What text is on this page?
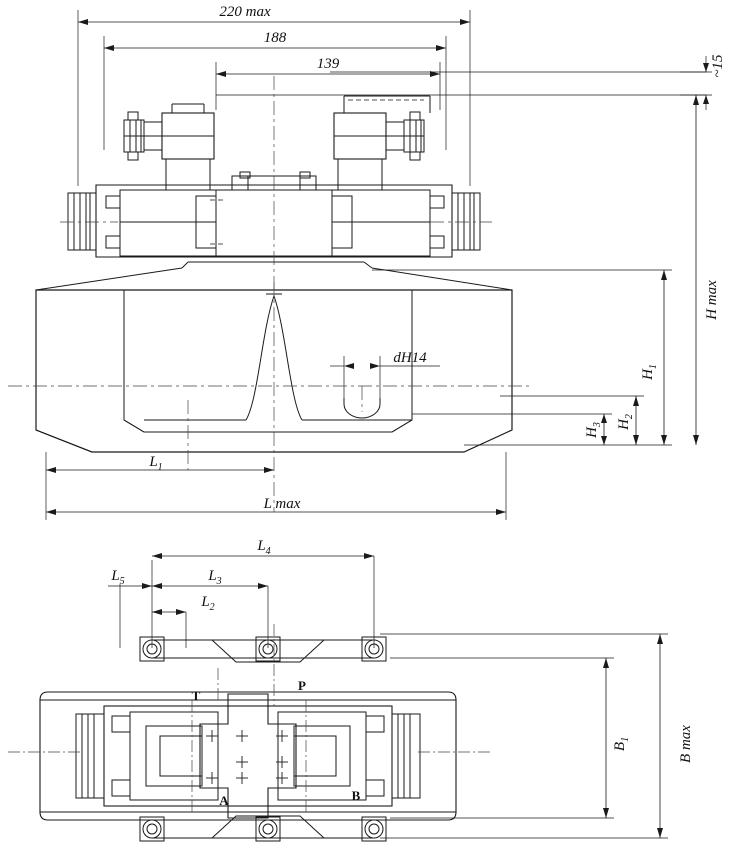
220 max
188
139	~15
H max
$H_1$
$H_2$
$H_3$
dH14
$L_1$
L max
$L_4$
$L_3$
$L_2$
$L_5$
B max
$B_1$
T
P
A	B
